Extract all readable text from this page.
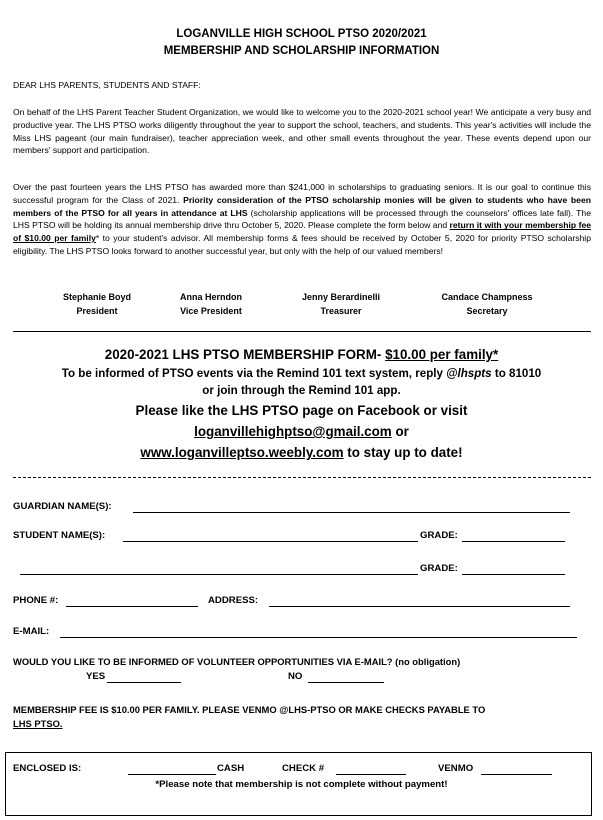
LOGANVILLE HIGH SCHOOL PTSO 2020/2021
MEMBERSHIP AND SCHOLARSHIP INFORMATION
DEAR LHS PARENTS, STUDENTS AND STAFF:
On behalf of the LHS Parent Teacher Student Organization, we would like to welcome you to the 2020-2021 school year! We anticipate a very busy and productive year. The LHS PTSO works diligently throughout the year to support the school, teachers, and students. This year's activities will include the Miss LHS pageant (our main fundraiser), teacher appreciation week, and other small events throughout the year. These events depend upon our members' support and participation.
Over the past fourteen years the LHS PTSO has awarded more than $241,000 in scholarships to graduating seniors. It is our goal to continue this successful program for the Class of 2021. Priority consideration of the PTSO scholarship monies will be given to students who have been members of the PTSO for all years in attendance at LHS (scholarship applications will be processed through the counselors' offices late fall). The LHS PTSO will be holding its annual membership drive thru October 5, 2020. Please complete the form below and return it with your membership fee of $10.00 per family* to your student's advisor. All membership forms & fees should be received by October 5, 2020 for priority PTSO scholarship eligibility. The LHS PTSO looks forward to another successful year, but only with the help of our valued members!
Stephanie Boyd
President
Anna Herndon
Vice President
Jenny Berardinelli
Treasurer
Candace Champness
Secretary
2020-2021 LHS PTSO MEMBERSHIP FORM- $10.00 per family*
To be informed of PTSO events via the Remind 101 text system, reply @lhspts to 81010
or join through the Remind 101 app.
Please like the LHS PTSO page on Facebook or visit
loganvillehighptso@gmail.com or
www.loganvilleptso.weebly.com to stay up to date!
GUARDIAN NAME(S):
STUDENT NAME(S):	GRADE:
GRADE:
PHONE #:	ADDRESS:
E-MAIL:
WOULD YOU LIKE TO BE INFORMED OF VOLUNTEER OPPORTUNITIES VIA E-MAIL? (no obligation)
YES	NO
MEMBERSHIP FEE IS $10.00 PER FAMILY. PLEASE VENMO @LHS-PTSO OR MAKE CHECKS PAYABLE TO
LHS PTSO.
ENCLOSED IS:	CASH	CHECK #	VENMO
*Please note that membership is not complete without payment!
